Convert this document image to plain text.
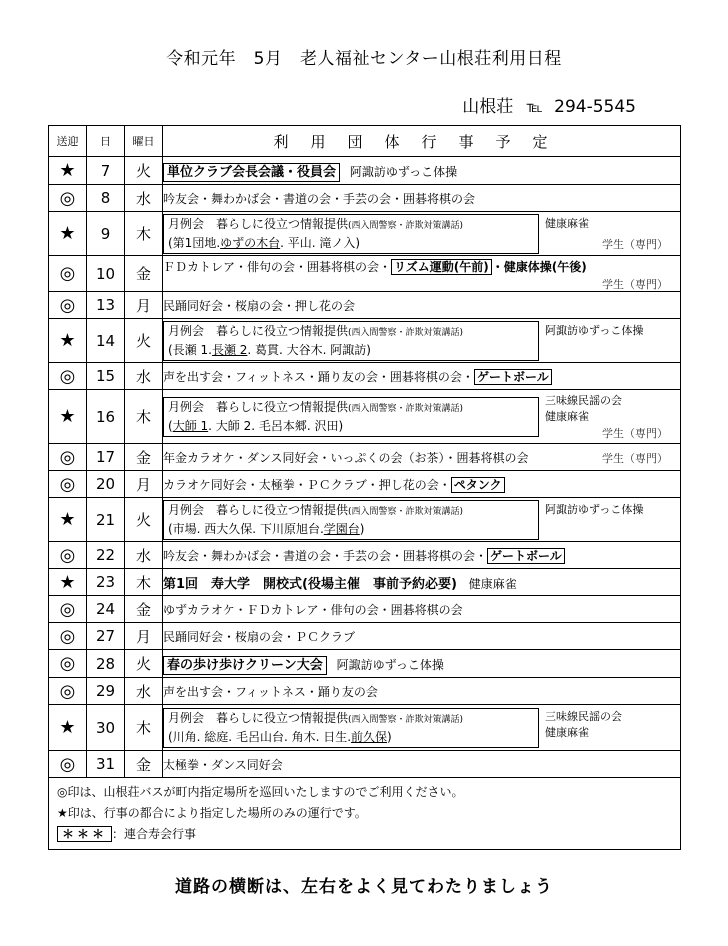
令和元年　5月　老人福祉センター山根荘利用日程
山根荘 ℡ 294-5545
送迎	日	曜日	利用団体行事予定
★	7	火	単位クラブ会長会議・役員会 阿諏訪ゆずっこ体操
◎	8	水	吟友会・舞わかば会・書道の会・手芸の会・囲碁将棋の会
★	9	木	月例会　暮らしに役立つ情報提供(西入間警察・詐欺対策講話)
(第1団地.ゆずの木台. 平山. 滝ノ入)
健康麻雀
学生（専門）

◎	10	金	ＦＤカトレア・俳句の会・囲碁将棋の会・ リズム運動(午前) ・健康体操(午後)
学生（専門）

◎	13	月	民踊同好会・桜扇の会・押し花の会
★	14	火	月例会　暮らしに役立つ情報提供(西入間警察・詐欺対策講話)
(長瀬 1.長瀬 2. 葛貫. 大谷木. 阿諏訪)
阿諏訪ゆずっこ体操

◎	15	水	声を出す会・フィットネス・踊り友の会・囲碁将棋の会・ ゲートボール
★	16	木	月例会　暮らしに役立つ情報提供(西入間警察・詐欺対策講話)
(大師 1. 大師 2. 毛呂本郷. 沢田)
三味線民謡の会
健康麻雀
学生（専門）

◎	17	金	年金カラオケ・ダンス同好会・いっぷくの会（お茶）・囲碁将棋の会 学生（専門）

◎	20	月	カラオケ同好会・太極拳・ＰＣクラブ・押し花の会・ ペタンク
★	21	火	月例会　暮らしに役立つ情報提供(西入間警察・詐欺対策講話)
(市場. 西大久保. 下川原旭台.学園台)
阿諏訪ゆずっこ体操

◎	22	水	吟友会・舞わかば会・書道の会・手芸の会・囲碁将棋の会・ ゲートボール
★	23	木	第1回　寿大学　開校式(役場主催　事前予約必要) 健康麻雀
◎	24	金	ゆずカラオケ・ＦＤカトレア・俳句の会・囲碁将棋の会
◎	27	月	民踊同好会・桜扇の会・ＰＣクラブ
◎	28	火	春の歩け歩けクリーン大会 阿諏訪ゆずっこ体操
◎	29	水	声を出す会・フィットネス・踊り友の会
★	30	木	月例会　暮らしに役立つ情報提供(西入間警察・詐欺対策講話)
(川角. 総庭. 毛呂山台. 角木. 日生.前久保)
三味線民謡の会
健康麻雀

◎	31	金	太極拳・ダンス同好会

◎印は、山根荘バスが町内指定場所を巡回いたしますのでご利用ください。
★印は、行事の都合により指定した場所のみの運行です。
＊＊＊ ：連合寿会行事			
道路の横断は、左右をよく見てわたりましょう
